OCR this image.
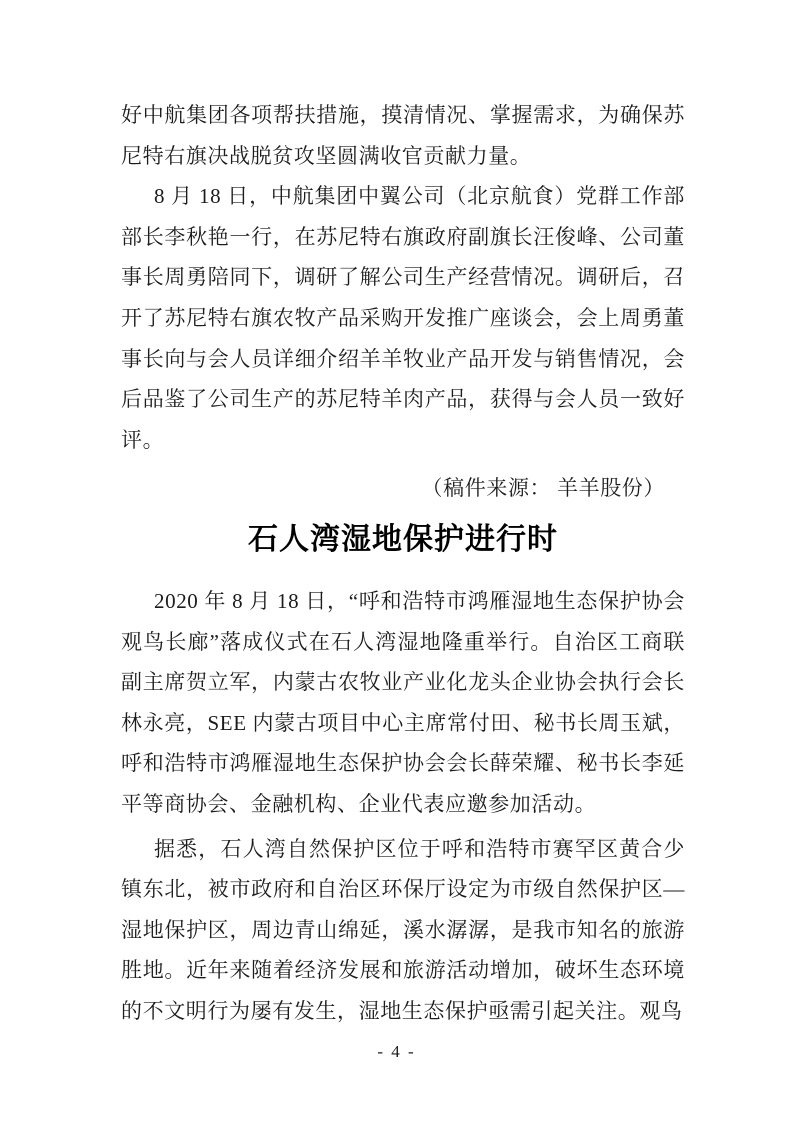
好中航集团各项帮扶措施，摸清情况、掌握需求，为确保苏尼特右旗决战脱贫攻坚圆满收官贡献力量。

8 月 18 日，中航集团中翼公司（北京航食）党群工作部部长李秋艳一行，在苏尼特右旗政府副旗长汪俊峰、公司董事长周勇陪同下，调研了解公司生产经营情况。调研后，召开了苏尼特右旗农牧产品采购开发推广座谈会，会上周勇董事长向与会人员详细介绍羊羊牧业产品开发与销售情况，会后品鉴了公司生产的苏尼特羊肉产品，获得与会人员一致好评。

（稿件来源： 羊羊股份）

石人湾湿地保护进行时

2020 年 8 月 18 日，“呼和浩特市鸿雁湿地生态保护协会观鸟长廊”落成仪式在石人湾湿地隆重举行。自治区工商联副主席贺立军，内蒙古农牧业产业化龙头企业协会执行会长林永亮，SEE 内蒙古项目中心主席常付田、秘书长周玉斌，呼和浩特市鸿雁湿地生态保护协会会长薛荣耀、秘书长李延平等商协会、金融机构、企业代表应邀参加活动。

据悉，石人湾自然保护区位于呼和浩特市赛罕区黄合少镇东北，被市政府和自治区环保厅设定为市级自然保护区—湿地保护区，周边青山绵延，溪水潺潺，是我市知名的旅游胜地。近年来随着经济发展和旅游活动增加，破坏生态环境的不文明行为屡有发生，湿地生态保护亟需引起关注。观鸟

- 4 -
